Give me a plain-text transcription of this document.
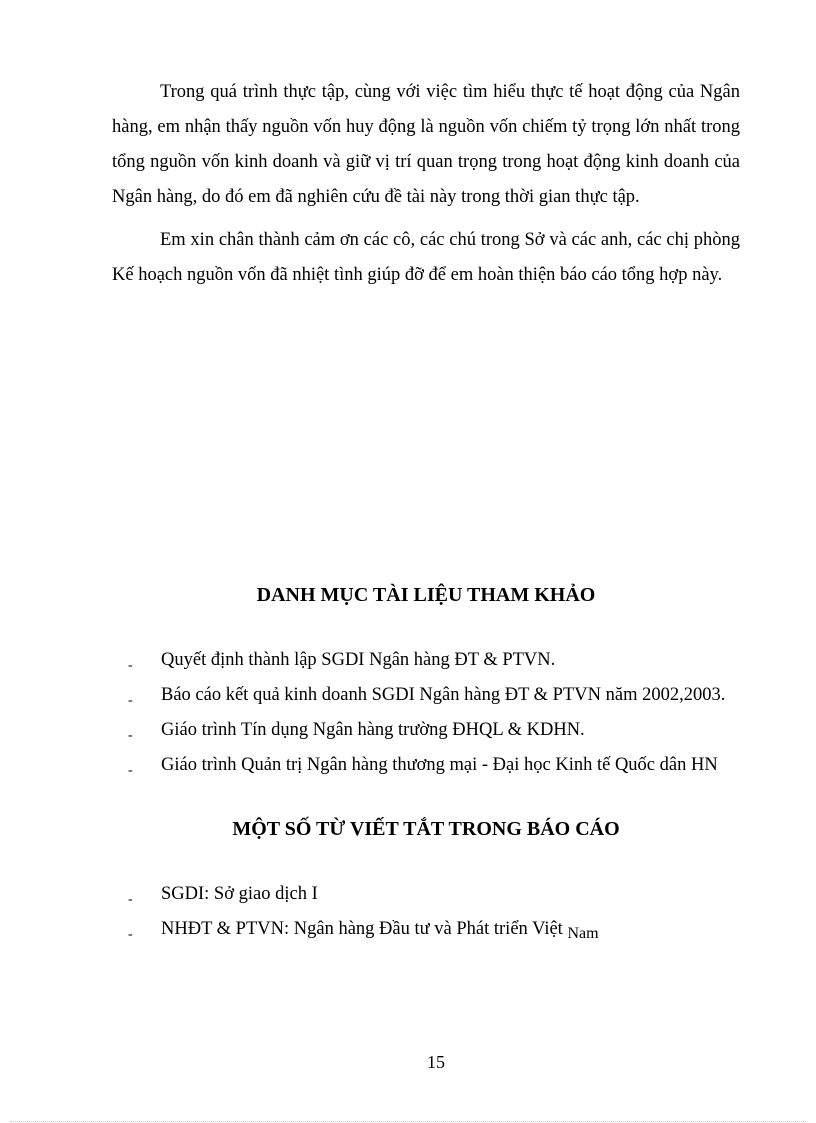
Trong quá trình thực tập, cùng với việc tìm hiểu thực tế hoạt động của Ngân hàng, em nhận thấy nguồn vốn huy động là nguồn vốn chiếm tỷ trọng lớn nhất trong tổng nguồn vốn kinh doanh và giữ vị trí quan trọng trong hoạt động kinh doanh của Ngân hàng, do đó em đã nghiên cứu đề tài này trong thời gian thực tập.

Em xin chân thành cảm ơn các cô, các chú trong Sở và các anh, các chị phòng Kế hoạch nguồn vốn đã nhiệt tình giúp đỡ để em hoàn thiện báo cáo tổng hợp này.

DANH MỤC TÀI LIỆU THAM KHẢO
- Quyết định thành lập SGDI Ngân hàng ĐT & PTVN.
- Báo cáo kết quả kinh doanh SGDI Ngân hàng ĐT & PTVN năm 2002,2003.
- Giáo trình Tín dụng Ngân hàng trường ĐHQL & KDHN.
- Giáo trình Quản trị Ngân hàng thương mại - Đại học Kinh tế Quốc dân HN
MỘT SỐ TỪ VIẾT TẮT TRONG BÁO CÁO
- SGDI: Sở giao dịch I
- NHĐT & PTVN: Ngân hàng Đầu tư và Phát triển Việt Nam
15
